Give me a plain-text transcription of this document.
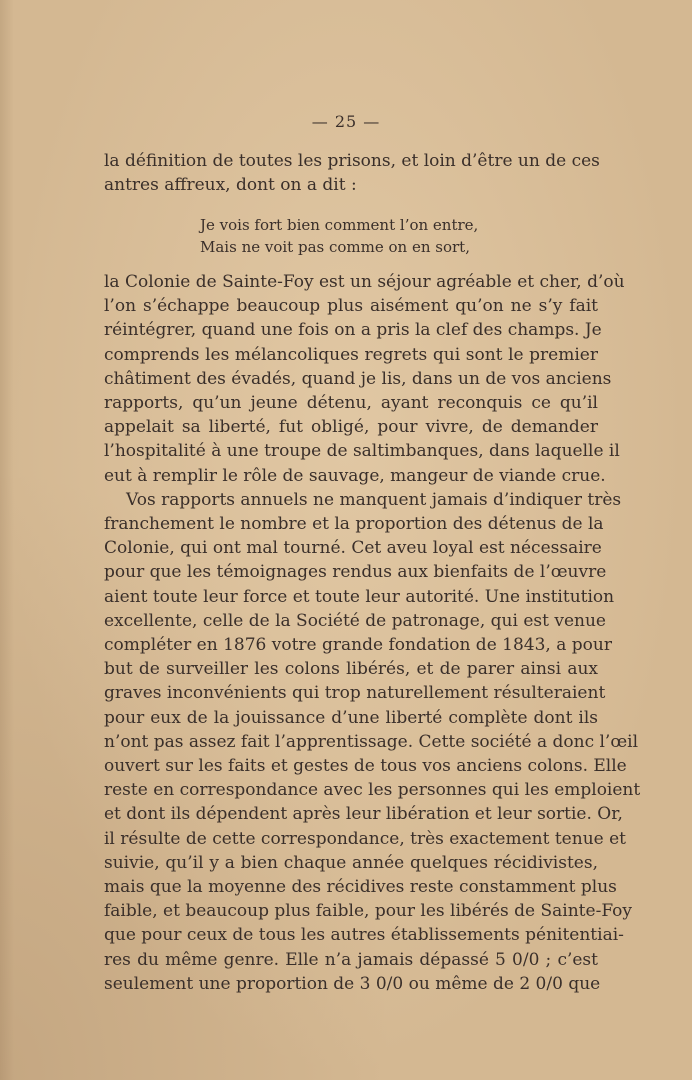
— 25 —
la définition de toutes les prisons, et loin d’être un de ces
antres affreux, dont on a dit :
Je vois fort bien comment l’on entre,
Mais ne voit pas comme on en sort,
la Colonie de Sainte-Foy est un séjour agréable et cher, d’où
l’on s’échappe beaucoup plus aisément qu’on ne s’y fait
réintégrer, quand une fois on a pris la clef des champs. Je
comprends les mélancoliques regrets qui sont le premier
châtiment des évadés, quand je lis, dans un de vos anciens
rapports, qu’un jeune détenu, ayant reconquis ce qu’il
appelait sa liberté, fut obligé, pour vivre, de demander
l’hospitalité à une troupe de saltimbanques, dans laquelle il
eut à remplir le rôle de sauvage, mangeur de viande crue.
Vos rapports annuels ne manquent jamais d’indiquer très
franchement le nombre et la proportion des détenus de la
Colonie, qui ont mal tourné. Cet aveu loyal est nécessaire
pour que les témoignages rendus aux bienfaits de l’œuvre
aient toute leur force et toute leur autorité. Une institution
excellente, celle de la Société de patronage, qui est venue
compléter en 1876 votre grande fondation de 1843, a pour
but de surveiller les colons libérés, et de parer ainsi aux
graves inconvénients qui trop naturellement résulteraient
pour eux de la jouissance d’une liberté complète dont ils
n’ont pas assez fait l’apprentissage. Cette société a donc l’œil
ouvert sur les faits et gestes de tous vos anciens colons. Elle
reste en correspondance avec les personnes qui les emploient
et dont ils dépendent après leur libération et leur sortie. Or,
il résulte de cette correspondance, très exactement tenue et
suivie, qu’il y a bien chaque année quelques récidivistes,
mais que la moyenne des récidives reste constamment plus
faible, et beaucoup plus faible, pour les libérés de Sainte-Foy
que pour ceux de tous les autres établissements pénitentiai-
res du même genre. Elle n’a jamais dépassé 5 0/0 ; c’est
seulement une proportion de 3 0/0 ou même de 2 0/0 que
